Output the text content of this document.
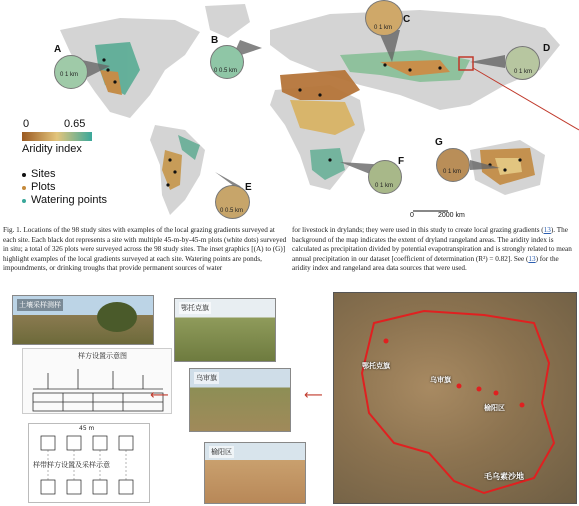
0	2000 km
A
0 1 km
B
0 0.5 km
C
0 1 km
D
0 1 km
E
0 0.5 km
F
0 1 km
G
0 1 km
0	0.65
Aridity index
Sites
Plots
Watering points
Fig. 1. Locations of the 98 study sites with examples of the local grazing gradients surveyed at each site. Each black dot represents a site with multiple 45-m-by-45-m plots (white dots) surveyed in situ; a total of 326 plots were surveyed across the 98 study sites. The inset graphics [(A) to (G)] highlight examples of the local gradients surveyed at each site. Watering points are ponds, impoundments, or drinking troughs that provide permanent sources of water
for livestock in drylands; they were used in this study to create local grazing gradients (13). The background of the map indicates the extent of dryland rangeland areas. The aridity index is calculated as precipitation divided by potential evapotranspiration and is strongly related to mean annual precipitation in our dataset [coefficient of determination (R²) = 0.82]. See (13) for the aridity index and rangeland area data sources that were used.
土壤采样测样
样方设置示意图
45 m
样带样方设置及采样示意
⟵	⟵
鄂托克旗
乌审旗
榆阳区
鄂托克旗
乌审旗
榆阳区
毛乌素沙地
